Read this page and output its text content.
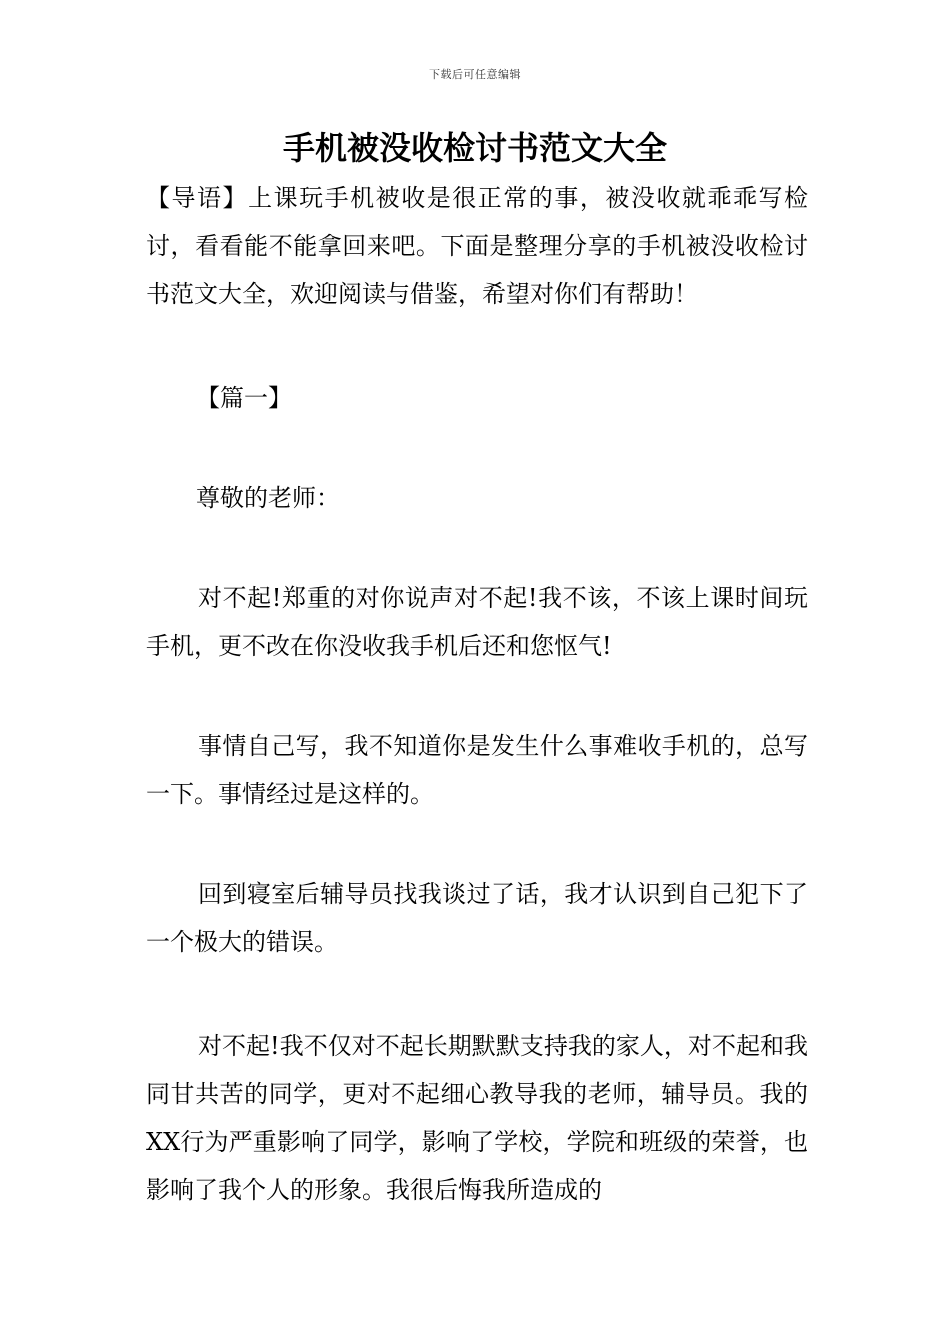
下载后可任意编辑
手机被没收检讨书范文大全

【导语】上课玩手机被收是很正常的事，被没收就乖乖写检讨，看看能不能拿回来吧。下面是整理分享的手机被没收检讨书范文大全，欢迎阅读与借鉴，希望对你们有帮助！

【篇一】

尊敬的老师：

对不起!郑重的对你说声对不起!我不该，不该上课时间玩手机，更不改在你没收我手机后还和您怄气!

事情自己写，我不知道你是发生什么事难收手机的，总写一下。事情经过是这样的。

回到寝室后辅导员找我谈过了话，我才认识到自己犯下了一个极大的错误。

对不起!我不仅对不起长期默默支持我的家人，对不起和我同甘共苦的同学，更对不起细心教导我的老师，辅导员。我的XX行为严重影响了同学，影响了学校，学院和班级的荣誉，也影响了我个人的形象。我很后悔我所造成的
